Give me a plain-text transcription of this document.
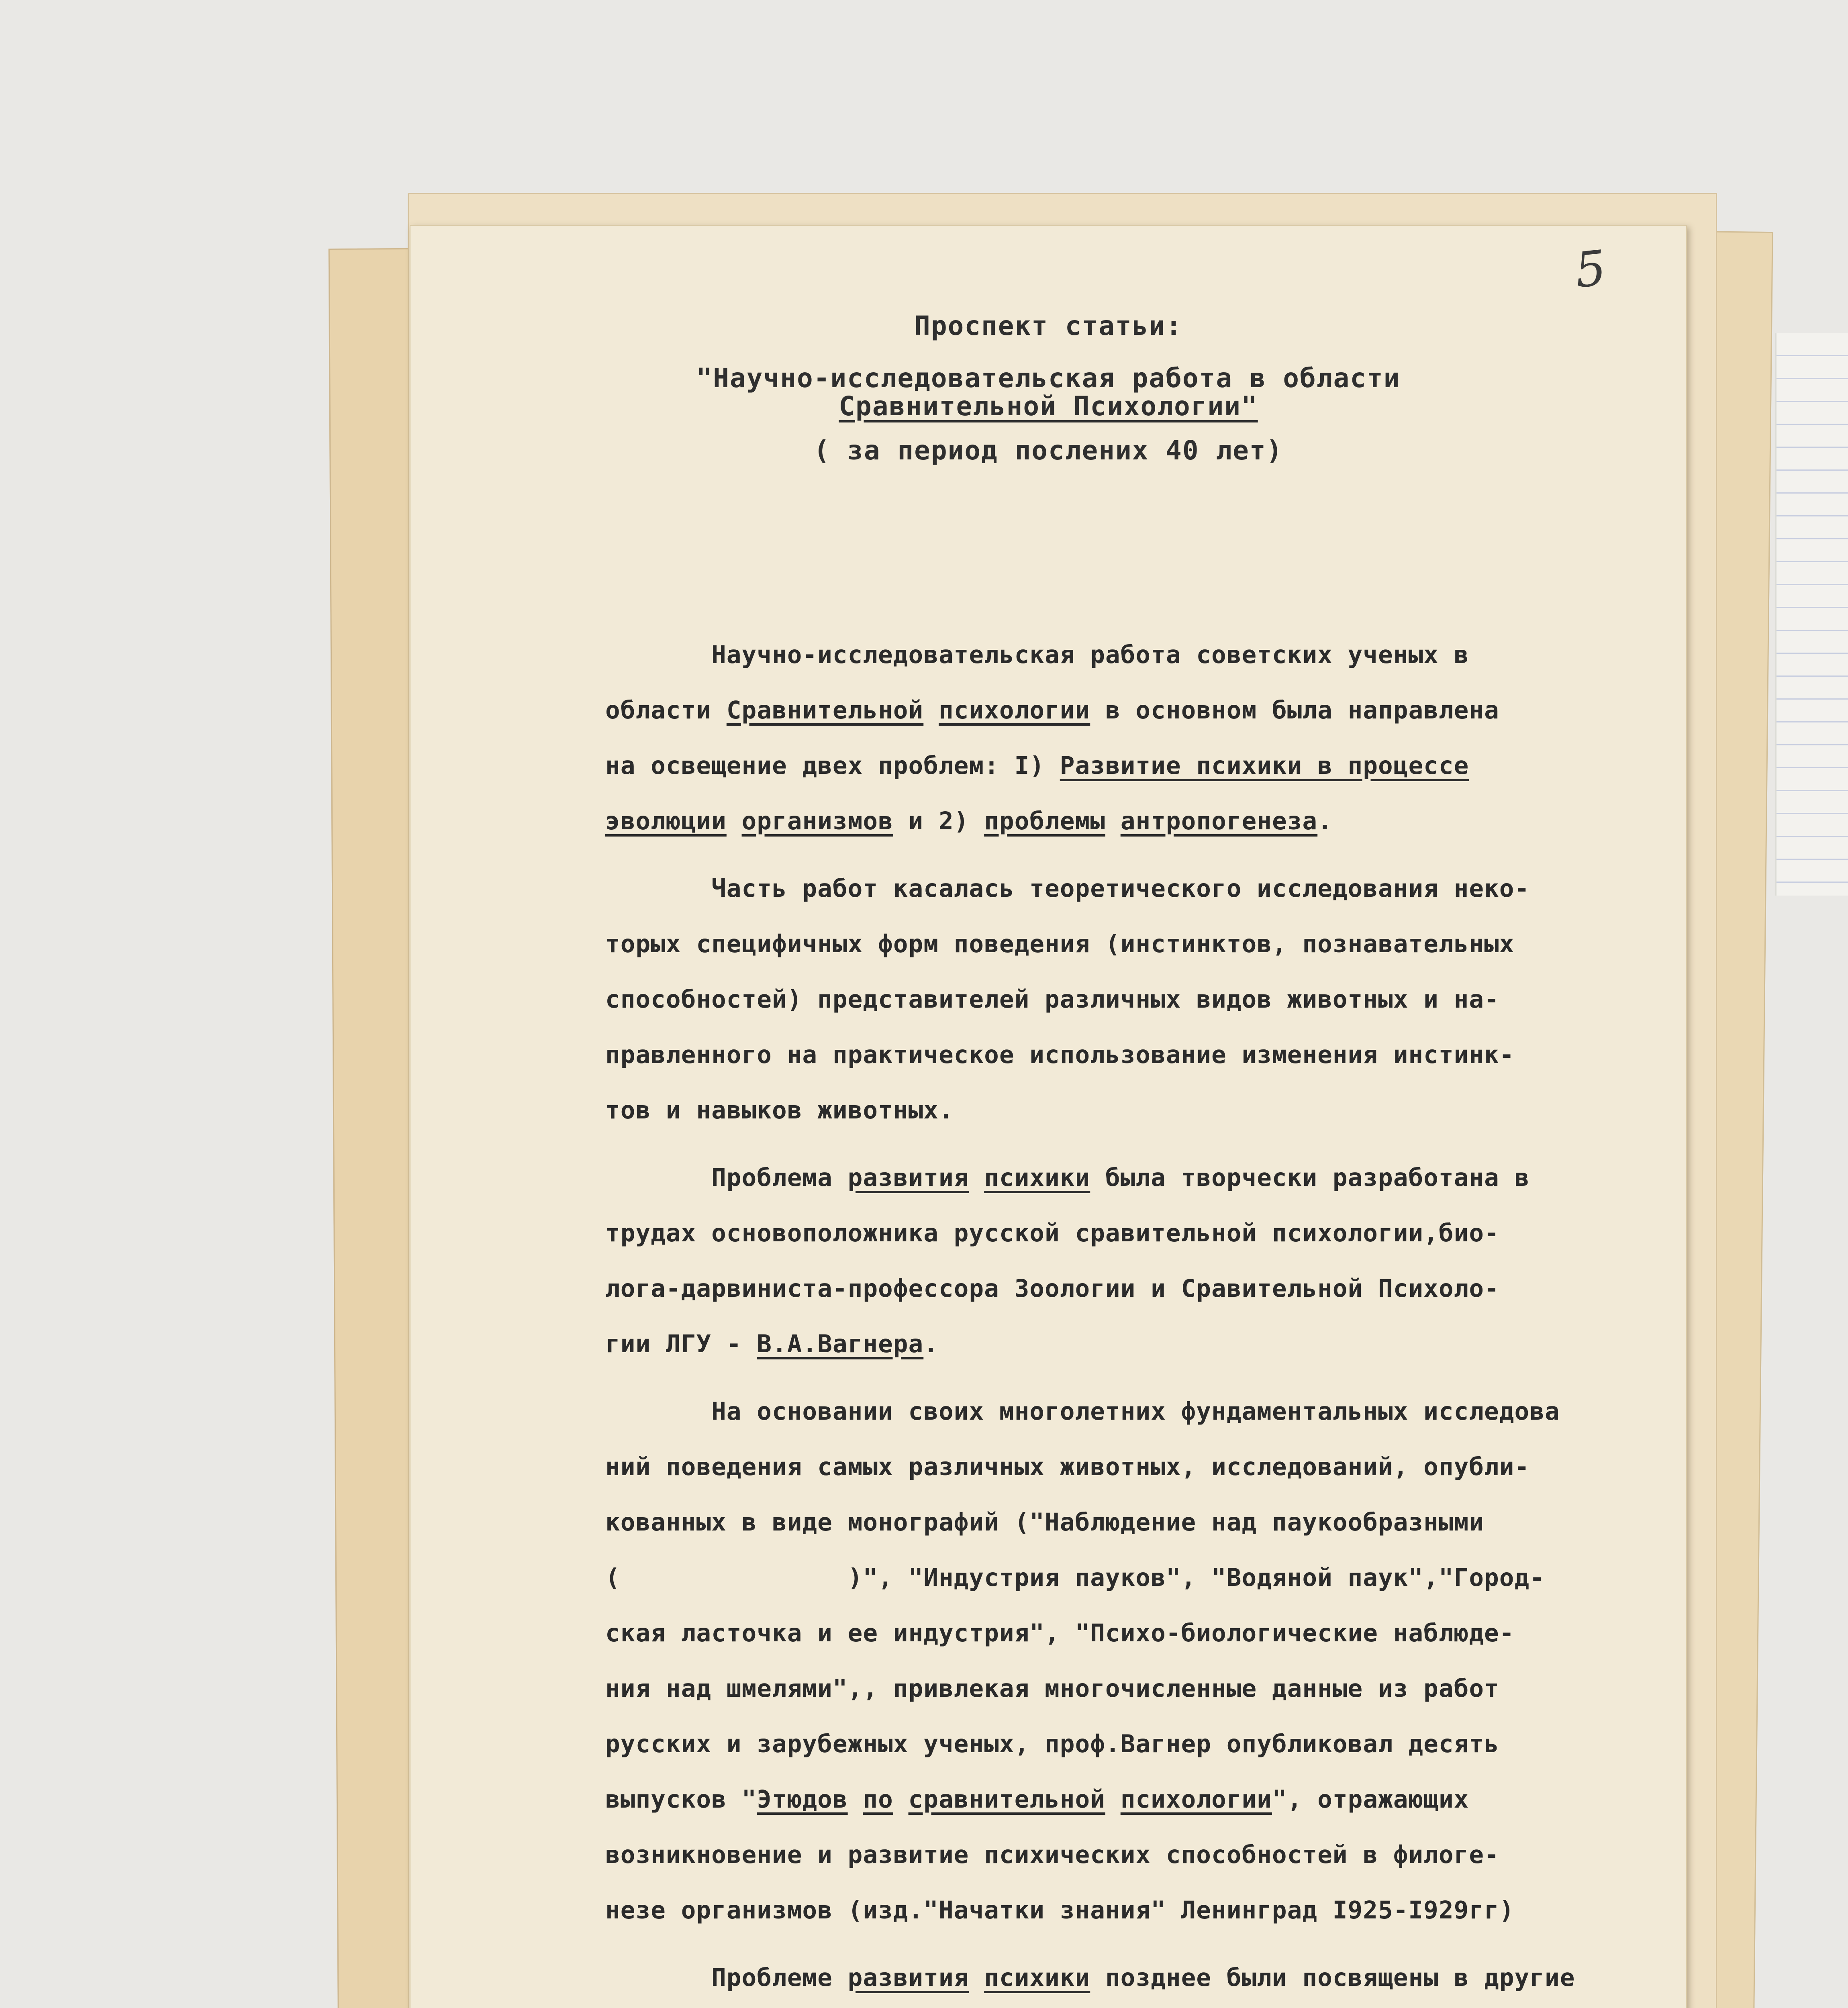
5
Проспект статьи:
"Научно-исследовательская работа в области
Сравнительной Психологии"
( за период послених 40 лет)
Научно-исследовательская работа советских ученых в
области Сравнительной психологии в основном была направлена
на освещение двех проблем: I) Развитие психики в процессе
эволюции организмов и 2) проблемы антропогенеза.
Часть работ касалась теоретического исследования неко-
торых специфичных форм поведения (инстинктов, познавательных
способностей) представителей различных видов животных и на-
правленного на практическое использование изменения инстинк-
тов и навыков животных.
Проблема развития психики была творчески разработана в
трудах основоположника русской сравительной психологии,био-
лога-дарвиниста-профессора Зоологии и Сравительной Психоло-
гии ЛГУ - В.А.Вагнера.
На основании своих многолетних фундаментальных исследова
ний поведения самых различных животных, исследований, опубли-
кованных в виде монографий ("Наблюдение над паукообразными
(               )", "Индустрия пауков", "Водяной паук","Город-
ская ласточка и ее индустрия", "Психо-биологические наблюде-
ния над шмелями",, привлекая многочисленные данные из работ
русских и зарубежных ученых, проф.Вагнер опубликовал десять
выпусков "Этюдов по сравнительной психологии", отражающих
возникновение и развитие психических способностей в филоге-
незе организмов (изд."Начатки знания" Ленинград I925-I929гг)
Проблеме развития психики позднее были посвящены в другие
